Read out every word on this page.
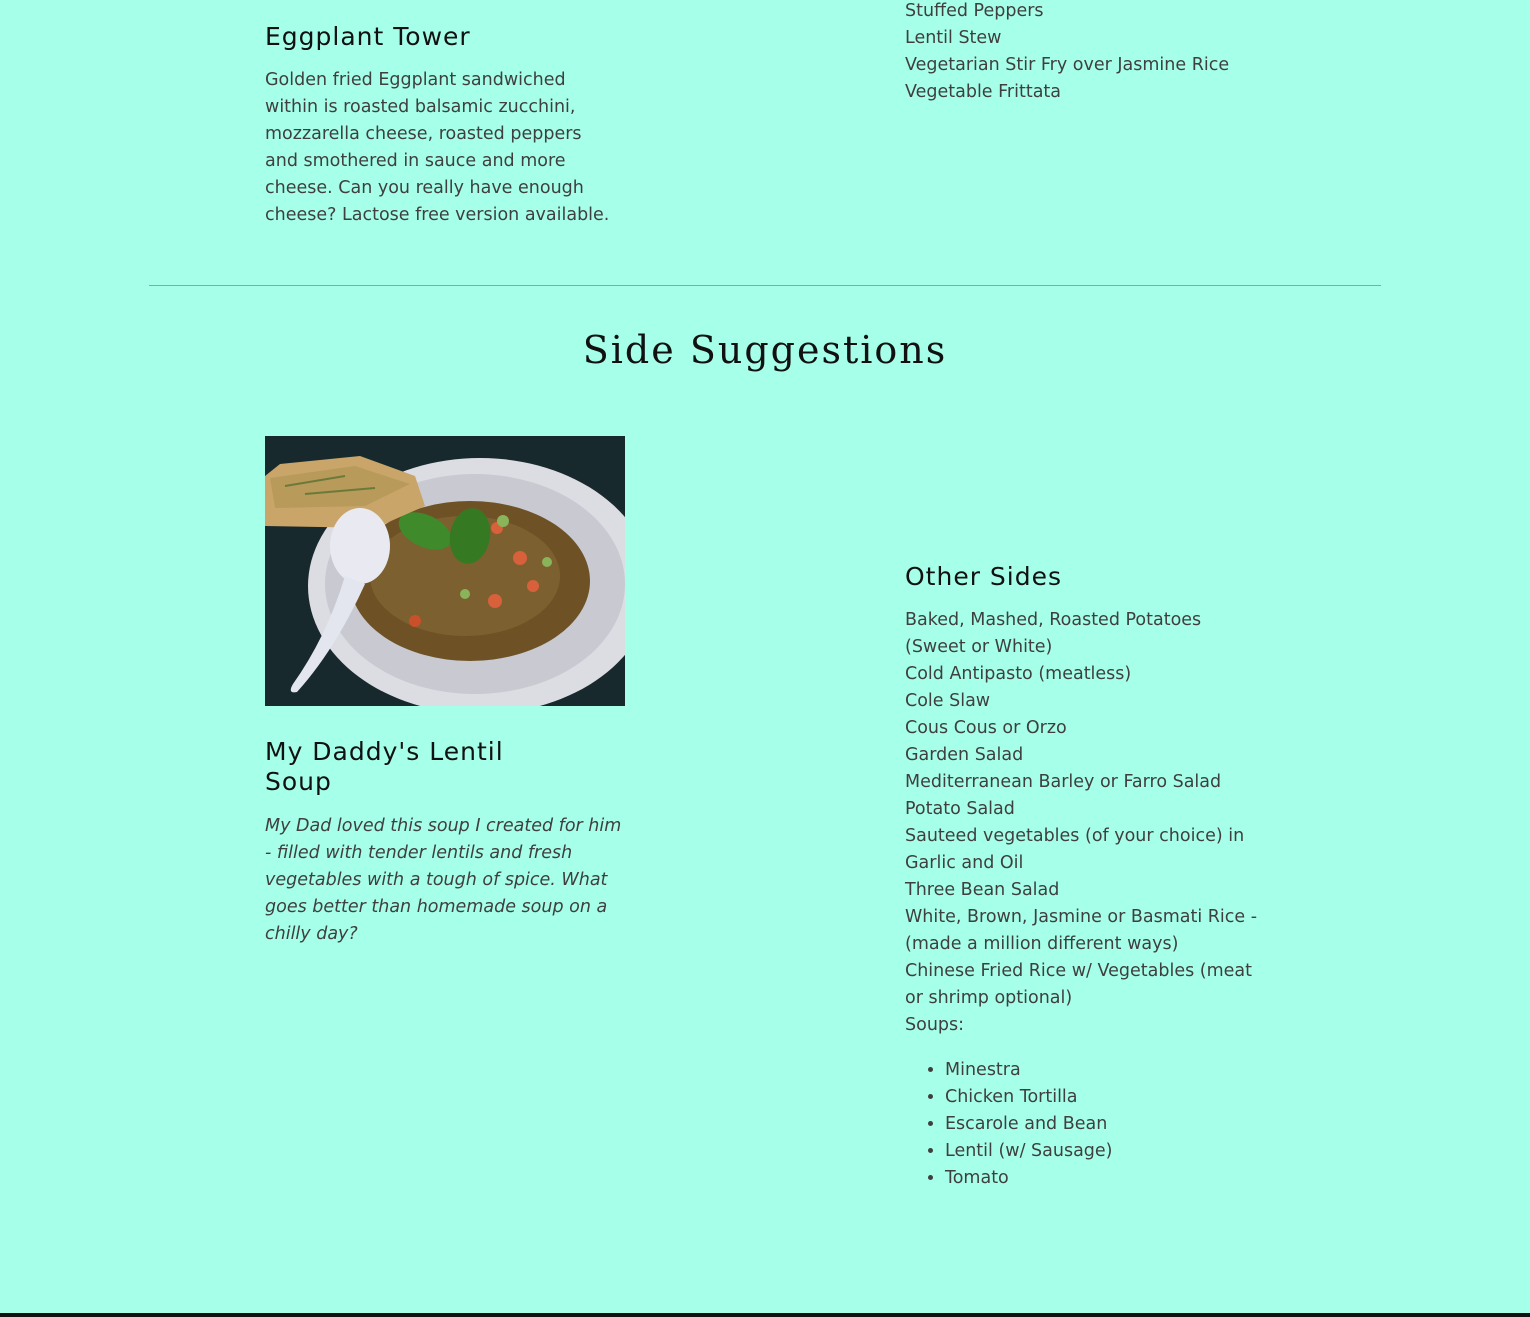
Eggplant Tower

Golden fried Eggplant sandwiched within is roasted balsamic zucchini, mozzarella cheese, roasted peppers and smothered in sauce and more cheese. Can you really have enough cheese? Lactose free version available.

Stuffed Peppers
Lentil Stew
Vegetarian Stir Fry over Jasmine Rice
Vegetable Frittata
Side Suggestions
My Daddy's Lentil Soup

My Dad loved this soup I created for him - filled with tender lentils and fresh vegetables with a tough of spice. What goes better than homemade soup on a chilly day?

Other Sides
Baked, Mashed, Roasted Potatoes (Sweet or White)
Cold Antipasto (meatless)
Cole Slaw
Cous Cous or Orzo
Garden Salad
Mediterranean Barley or Farro Salad
Potato Salad
Sauteed vegetables (of your choice) in Garlic and Oil
Three Bean Salad
White, Brown, Jasmine or Basmati Rice - (made a million different ways)
Chinese Fried Rice w/ Vegetables (meat or shrimp optional)

Soups:

• Minestra
• Chicken Tortilla
• Escarole and Bean
• Lentil (w/ Sausage)
• Tomato
